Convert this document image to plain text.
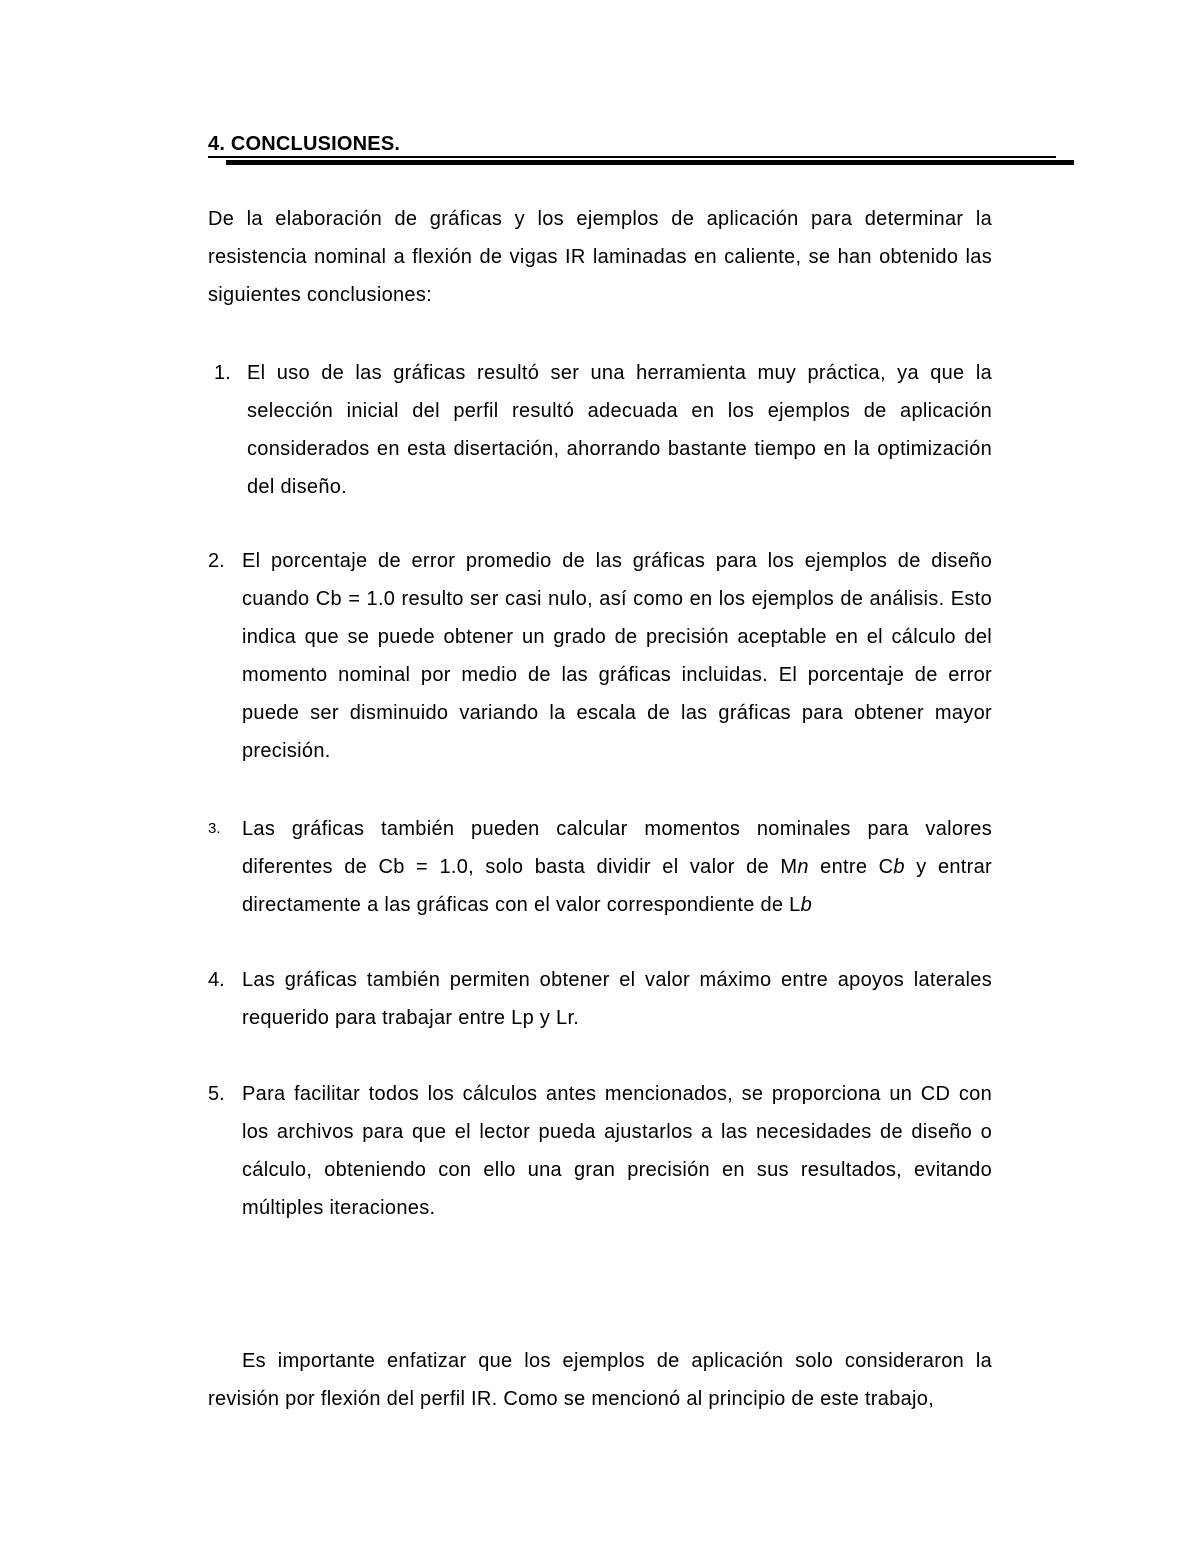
4. CONCLUSIONES.

De la elaboración de gráficas y los ejemplos de aplicación para determinar la resistencia nominal a flexión de vigas IR laminadas en caliente, se han obtenido las siguientes conclusiones:

1. El uso de las gráficas resultó ser una herramienta muy práctica, ya que la selección inicial del perfil resultó adecuada en los ejemplos de aplicación considerados en esta disertación, ahorrando bastante tiempo en la optimización del diseño.

2. El porcentaje de error promedio de las gráficas para los ejemplos de diseño cuando Cb = 1.0 resulto ser casi nulo, así como en los ejemplos de análisis. Esto indica que se puede obtener un grado de precisión aceptable en el cálculo del momento nominal por medio de las gráficas incluidas. El porcentaje de error puede ser disminuido variando la escala de las gráficas para obtener mayor precisión.

3. Las gráficas también pueden calcular momentos nominales para valores diferentes de Cb = 1.0, solo basta dividir el valor de Mn entre Cb y entrar directamente a las gráficas con el valor correspondiente de Lb

4. Las gráficas también permiten obtener el valor máximo entre apoyos laterales requerido para trabajar entre Lp y Lr.

5. Para facilitar todos los cálculos antes mencionados, se proporciona un CD con los archivos para que el lector pueda ajustarlos a las necesidades de diseño o cálculo, obteniendo con ello una gran precisión en sus resultados, evitando múltiples iteraciones.

Es importante enfatizar que los ejemplos de aplicación solo consideraron la revisión por flexión del perfil IR. Como se mencionó al principio de este trabajo,
